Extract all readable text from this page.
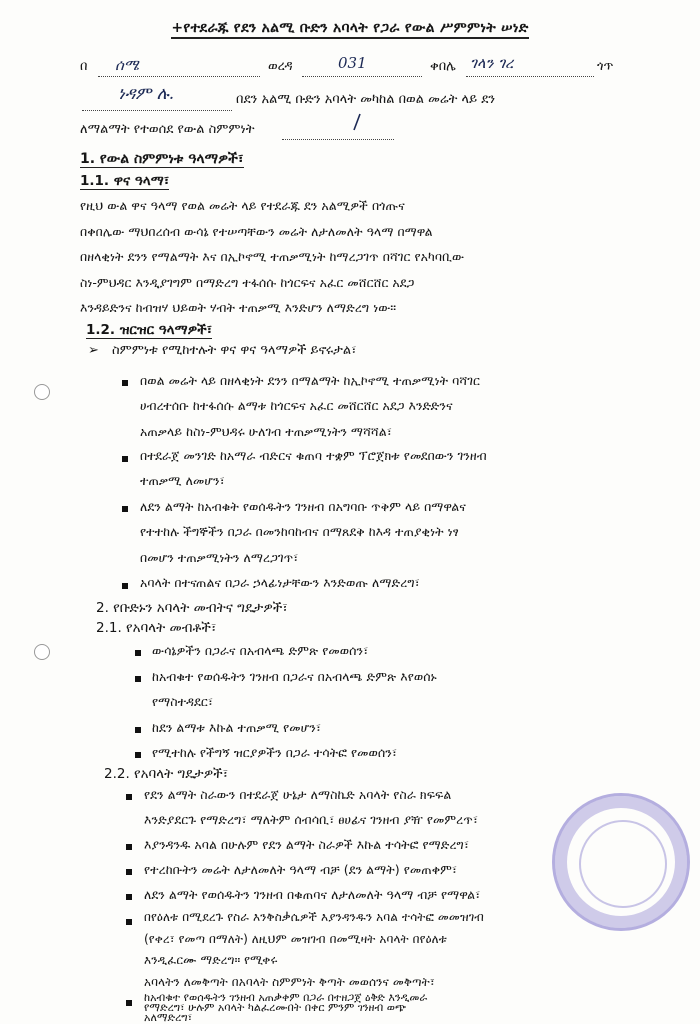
+የተደራጁ የደን አልሚ ቡድን አባላት የጋራ የውል ሥምምነት ሠነድ
በ ሰሜ	ወረዳ	031	ቀበሌ ገላን ገረ	ጎጥ
ነዳም ሉ.	በደን አልሚ ቡድን አባላት መካከል በወል መሬት ላይ ደን
ለማልማት የተወሰደ የውል ስምምነት
1. የውል ስምምነቱ ዓላማዎች፣
1.1. ዋና ዓላማ፣
የዚህ ውል ዋና ዓላማ የወል መሬት ላይ የተደራጁ ደን አልሚዎች በጎጡና
በቀበሌው ማህበረሰብ ውሳኔ የተሠጣቸውን መሬት ለታለመለት ዓላማ በማዋል
በዘላቂነት ደንን የማልማት እና በኢኮኖሚ ተጠቃሚነት ከማረጋገጥ በሻገር የአካባቢው
ስነ-ምህዳር እንዲያገግም በማድረግ ተፋሰሱ ከጎርፍና አፈር መሸርሸር አደጋ
እንዳይድንና ከብዝሃ ህይወት ሃብት ተጠቃሚ እንድሆን ለማድረግ ነው።
1.2. ዝርዝር ዓላማዎች፣
➢ ስምምነቱ የሚከተሉት ዋና ዋና ዓላማዎች ይኖሩታል፣
በወል መሬት ላይ በዘላቂነት ደንን በማልማት ከኢኮኖሚ ተጠቃሚነት ባሻገር
ሀብረተሰቡ ከተፋሰሱ ልማቱ ከጎርፍና አፈር መሸርሸር አደጋ እንድድንና
አጠቃላይ ከስነ-ምህዳሩ ሁለገብ ተጠቃሚነትን ማሻሻል፣
በተደራጀ መንገድ ከአማራ ብድርና ቁጠባ ተቋም ፕሮጀክቱ የመደበውን ገንዘብ
ተጠቃሚ ለመሆን፣
ለደን ልማት ከአብቁት የወሰዱትን ገንዘብ በአግባቡ ጥቅም ላይ በማዋልና
የተተከሉ ችግኞችን በጋራ በመንከባከብና በማጸደቅ ከእዳ ተጠያቂነት ነፃ
በመሆን ተጠቃሚነትን ለማረጋገጥ፣
አባላት በተናጠልና በጋራ ኃላፊነታቸውን እንድወጡ ለማድረግ፣
2. የቡድኑን አባላት መብትና ግዴታዎች፣
2.1. የአባላት መብቶች፣
ውሳኔዎችን በጋራና በአብላጫ ድምጽ የመወሰን፣
ከአብቁተ የወሰዱትን ገንዘብ በጋራና በአብላጫ ድምጽ እየወሰኑ
የማስተዳደር፣
ከደን ልማቱ እኩል ተጠቃሚ የመሆን፣
የሚተከሉ የችግኝ ዝርያዎችን በጋራ ተሳትፎ የመወሰን፣
2.2. የአባላት ግዴታዎች፣
የደን ልማት ስራውን በተደራጀ ሁኔታ ለማስኬድ አባላት የስራ ክፍፍል
እንድያደርጉ የማድረግ፣ ማለትም ሰብሳቢ፣ ፀሀፊና ገንዘብ ያዥ የመምረጥ፣
እያንዳንዱ አባል በሁሉም የደን ልማት ስራዎች እኩል ተሳትፎ የማድረግ፣
የተረከቡትን መሬት ለታለመለት ዓላማ ብቻ (ደን ልማት) የመጠቀም፣
ለደን ልማት የወሰዱትን ገንዘብ በቁጠባና ለታለመለት ዓላማ ብቻ የማዋል፣
በየዕለቱ በሚደረጉ የስራ እንቅስቃሴዎች እያንዳንዱን አባል ተሳትፎ መመዝገብ
(የቀረ፣ የመጣ በማለት) ለዚህም መዝገብ በመሚዛት አባላት በየዕለቱ
እንዲፈርሙ ማድረግ። የሚቀሩ
አባላትን ለመቅጣት በአባላት ስምምነት ቅጣት መወሰንና መቅጣት፣
ከአብቁተ የወሰዱትን ገንዘብ አጠቃቀም በጋራ በተዘጋጀ ዕቅድ እንዲመራ
የማድረግ፣ ሁሉም አባላት ካልፈረሙበት በቀር ምንም ገንዘብ ወጭ
አለማድረግ፣
